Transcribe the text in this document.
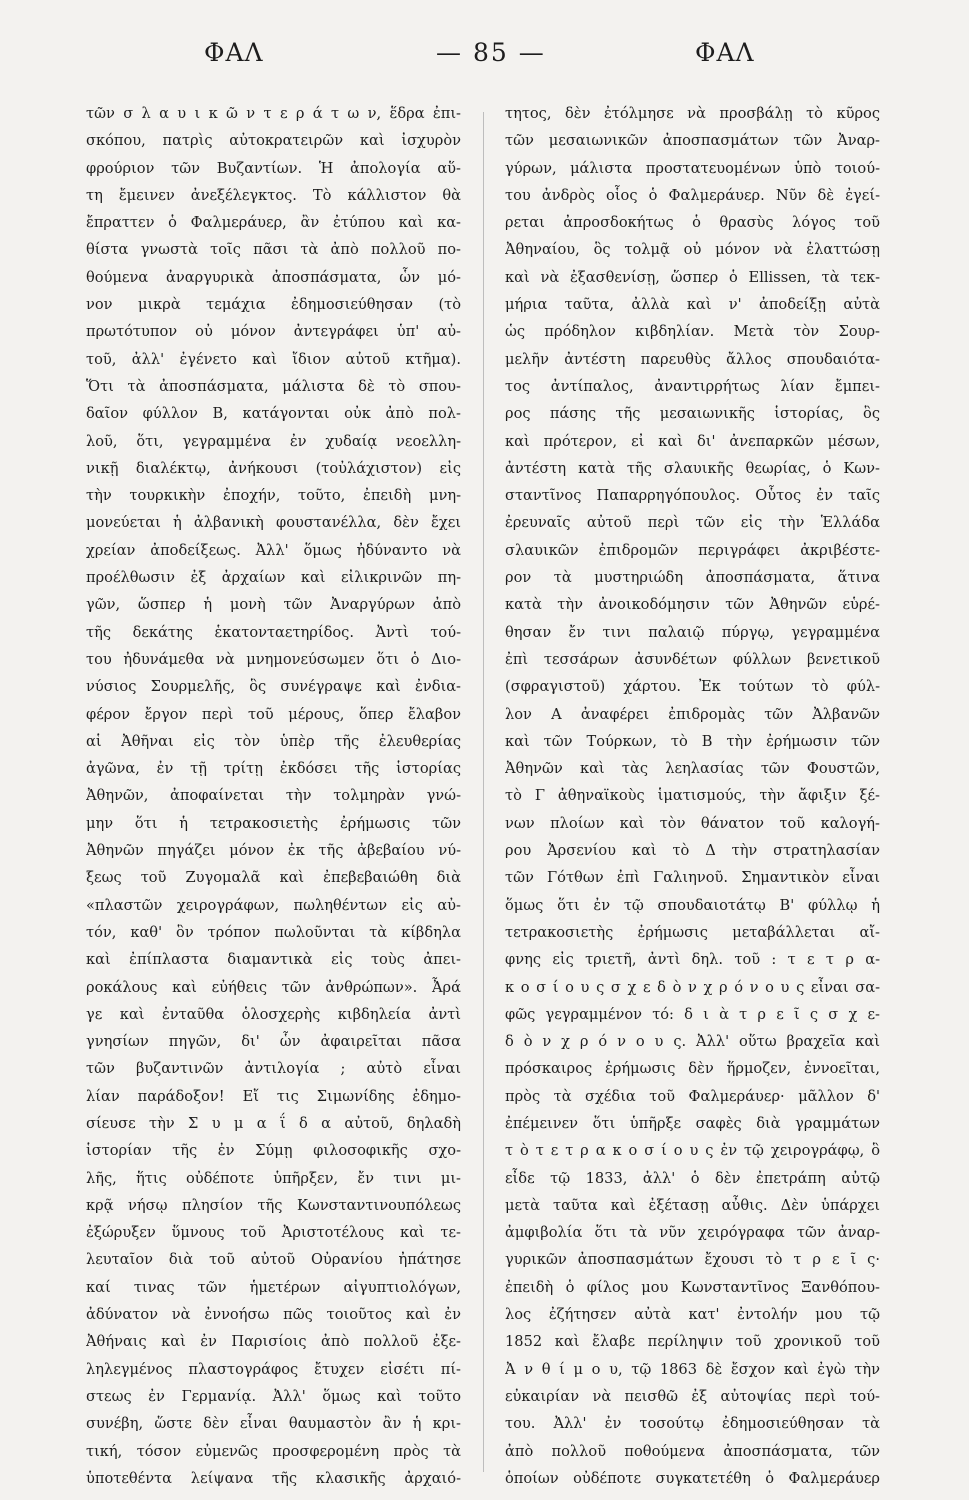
ΦΑΛ	— 85 —	ΦΑΛ
τῶν σ λ α υ ι κ ῶ ν τ ε ρ ά τ ω ν, ἕδρα ἐπι-
σκόπου, πατρὶς αὐτοκρατειρῶν καὶ ἰσχυρὸν
φρούριον τῶν Βυζαντίων. Ἡ ἀπολογία αὕ-
τη ἔμεινεν ἀνεξέλεγκτος. Τὸ κάλλιστον θὰ
ἔπραττεν ὁ Φαλμεράυερ, ἂν ἐτύπου καὶ κα-
θίστα γνωστὰ τοῖς πᾶσι τὰ ἀπὸ πολλοῦ πο-
θούμενα ἀναργυρικὰ ἀποσπάσματα, ὧν μό-
νον μικρὰ τεμάχια ἐδημοσιεύθησαν (τὸ
πρωτότυπον οὐ μόνον ἀντεγράφει ὑπ' αὐ-
τοῦ, ἀλλ' ἐγένετο καὶ ἴδιον αὐτοῦ κτῆμα).
Ὅτι τὰ ἀποσπάσματα, μάλιστα δὲ τὸ σπου-
δαῖον φύλλον Β, κατάγονται οὐκ ἀπὸ πολ-
λοῦ, ὅτι, γεγραμμένα ἐν χυδαίᾳ νεοελλη-
νικῇ διαλέκτῳ, ἀνήκουσι (τοὐλάχιστον) εἰς
τὴν τουρκικὴν ἐποχήν, τοῦτο, ἐπειδὴ μνη-
μονεύεται ἡ ἀλβανικὴ φουστανέλλα, δὲν ἔχει
χρείαν ἀποδείξεως. Ἀλλ' ὅμως ἠδύναντο νὰ
προέλθωσιν ἐξ ἀρχαίων καὶ εἰλικρινῶν πη-
γῶν, ὥσπερ ἡ μονὴ τῶν Ἀναργύρων ἀπὸ
τῆς δεκάτης ἑκατονταετηρίδος. Ἀντὶ τού-
του ἠδυνάμεθα νὰ μνημονεύσωμεν ὅτι ὁ Διο-
νύσιος Σουρμελῆς, ὃς συνέγραψε καὶ ἐνδια-
φέρον ἔργον περὶ τοῦ μέρους, ὅπερ ἔλαβον
αἱ Ἀθῆναι εἰς τὸν ὑπὲρ τῆς ἐλευθερίας
ἀγῶνα, ἐν τῇ τρίτῃ ἐκδόσει τῆς ἱστορίας
Ἀθηνῶν, ἀποφαίνεται τὴν τολμηρὰν γνώ-
μην ὅτι ἡ τετρακοσιετὴς ἐρήμωσις τῶν
Ἀθηνῶν πηγάζει μόνον ἐκ τῆς ἀβεβαίου νύ-
ξεως τοῦ Ζυγομαλᾶ καὶ ἐπεβεβαιώθη διὰ
«πλαστῶν χειρογράφων, πωληθέντων εἰς αὐ-
τόν, καθ' ὃν τρόπον πωλοῦνται τὰ κίβδηλα
καὶ ἐπίπλαστα διαμαντικὰ εἰς τοὺς ἀπει-
ροκάλους καὶ εὐήθεις τῶν ἀνθρώπων». Ἆρά
γε καὶ ἐνταῦθα ὁλοσχερὴς κιβδηλεία ἀντὶ
γνησίων πηγῶν, δι' ὧν ἀφαιρεῖται πᾶσα
τῶν βυζαντινῶν ἀντιλογία ; αὐτὸ εἶναι
λίαν παράδοξον! Εἴ τις Σιμωνίδης ἐδημο-
σίευσε τὴν Σ υ μ α ΐ δ α αὐτοῦ, δηλαδὴ
ἱστορίαν τῆς ἐν Σύμῃ φιλοσοφικῆς σχο-
λῆς, ἥτις οὐδέποτε ὑπῆρξεν, ἔν τινι μι-
κρᾷ νήσῳ πλησίον τῆς Κωνσταντινουπόλεως
ἐξώρυξεν ὕμνους τοῦ Ἀριστοτέλους καὶ τε-
λευταῖον διὰ τοῦ αὐτοῦ Οὐρανίου ἠπάτησε
καί τινας τῶν ἡμετέρων αἰγυπτιολόγων,
ἀδύνατον νὰ ἐννοήσω πῶς τοιοῦτος καὶ ἐν
Ἀθήναις καὶ ἐν Παρισίοις ἀπὸ πολλοῦ ἐξε-
ληλεγμένος πλαστογράφος ἔτυχεν εἰσέτι πί-
στεως ἐν Γερμανίᾳ. Ἀλλ' ὅμως καὶ τοῦτο
συνέβη, ὥστε δὲν εἶναι θαυμαστὸν ἂν ἡ κρι-
τική, τόσον εὐμενῶς προσφερομένη πρὸς τὰ
ὑποτεθέντα λείψανα τῆς κλασικῆς ἀρχαιό-
τητος, δὲν ἐτόλμησε νὰ προσβάλῃ τὸ κῦρος
τῶν μεσαιωνικῶν ἀποσπασμάτων τῶν Ἀναρ-
γύρων, μάλιστα προστατευομένων ὑπὸ τοιού-
του ἀνδρὸς οἷος ὁ Φαλμεράυερ. Νῦν δὲ ἐγεί-
ρεται ἀπροσδοκήτως ὁ θρασὺς λόγος τοῦ
Ἀθηναίου, ὃς τολμᾷ οὐ μόνον νὰ ἐλαττώσῃ
καὶ νὰ ἐξασθενίσῃ, ὥσπερ ὁ Ellissen, τὰ τεκ-
μήρια ταῦτα, ἀλλὰ καὶ ν' ἀποδείξῃ αὐτὰ
ὡς πρόδηλον κιβδηλίαν. Μετὰ τὸν Σουρ-
μελῆν ἀντέστη παρευθὺς ἄλλος σπουδαιότα-
τος ἀντίπαλος, ἀναντιρρήτως λίαν ἔμπει-
ρος πάσης τῆς μεσαιωνικῆς ἱστορίας, ὃς
καὶ πρότερον, εἰ καὶ δι' ἀνεπαρκῶν μέσων,
ἀντέστη κατὰ τῆς σλαυικῆς θεωρίας, ὁ Κων-
σταντῖνος Παπαρρηγόπουλος. Οὗτος ἐν ταῖς
ἐρευναῖς αὐτοῦ περὶ τῶν εἰς τὴν Ἑλλάδα
σλαυικῶν ἐπιδρομῶν περιγράφει ἀκριβέστε-
ρον τὰ μυστηριώδη ἀποσπάσματα, ἅτινα
κατὰ τὴν ἀνοικοδόμησιν τῶν Ἀθηνῶν εὑρέ-
θησαν ἔν τινι παλαιῷ πύργῳ, γεγραμμένα
ἐπὶ τεσσάρων ἀσυνδέτων φύλλων βενετικοῦ
(σφραγιστοῦ) χάρτου. Ἐκ τούτων τὸ φύλ-
λον Α ἀναφέρει ἐπιδρομὰς τῶν Ἀλβανῶν
καὶ τῶν Τούρκων, τὸ Β τὴν ἐρήμωσιν τῶν
Ἀθηνῶν καὶ τὰς λεηλασίας τῶν Φουστῶν,
τὸ Γ ἀθηναϊκοὺς ἱματισμούς, τὴν ἄφιξιν ξέ-
νων πλοίων καὶ τὸν θάνατον τοῦ καλογή-
ρου Ἀρσενίου καὶ τὸ Δ τὴν στρατηλασίαν
τῶν Γότθων ἐπὶ Γαλιηνοῦ. Σημαντικὸν εἶναι
ὅμως ὅτι ἐν τῷ σπουδαιοτάτῳ Β' φύλλῳ ἡ
τετρακοσιετὴς ἐρήμωσις μεταβάλλεται αἴ-
φνης εἰς τριετῆ, ἀντὶ δηλ. τοῦ : τ ε τ ρ α-
κ ο σ ί ο υ ς σ χ ε δ ὸ ν χ ρ ό ν ο υ ς εἶναι σα-
φῶς γεγραμμένον τό: δ ι ὰ τ ρ ε ῖ ς σ χ ε-
δ ὸ ν χ ρ ό ν ο υ ς. Ἀλλ' οὕτω βραχεῖα καὶ
πρόσκαιρος ἐρήμωσις δὲν ἥρμοζεν, ἐννοεῖται,
πρὸς τὰ σχέδια τοῦ Φαλμεράυερ· μᾶλλον δ'
ἐπέμεινεν ὅτι ὑπῆρξε σαφὲς διὰ γραμμάτων
τ ὸ τ ε τ ρ α κ ο σ ί ο υ ς ἐν τῷ χειρογράφῳ, ὃ
εἶδε τῷ 1833, ἀλλ' ὁ δὲν ἐπετράπη αὐτῷ
μετὰ ταῦτα καὶ ἐξέτασῃ αὖθις. Δὲν ὑπάρχει
ἀμφιβολία ὅτι τὰ νῦν χειρόγραφα τῶν ἀναρ-
γυρικῶν ἀποσπασμάτων ἔχουσι τὸ τ ρ ε ῖ ς·
ἐπειδὴ ὁ φίλος μου Κωνσταντῖνος Ξανθόπου-
λος ἐζήτησεν αὐτὰ κατ' ἐντολήν μου τῷ
1852 καὶ ἔλαβε περίληψιν τοῦ χρονικοῦ τοῦ
Ἀ ν θ ί μ ο υ, τῷ 1863 δὲ ἔσχον καὶ ἐγὼ τὴν
εὐκαιρίαν νὰ πεισθῶ ἐξ αὐτοψίας περὶ τού-
του. Ἀλλ' ἐν τοσούτῳ ἐδημοσιεύθησαν τὰ
ἀπὸ πολλοῦ ποθούμενα ἀποσπάσματα, τῶν
ὁποίων οὐδέποτε συγκατετέθη ὁ Φαλμεράυερ
